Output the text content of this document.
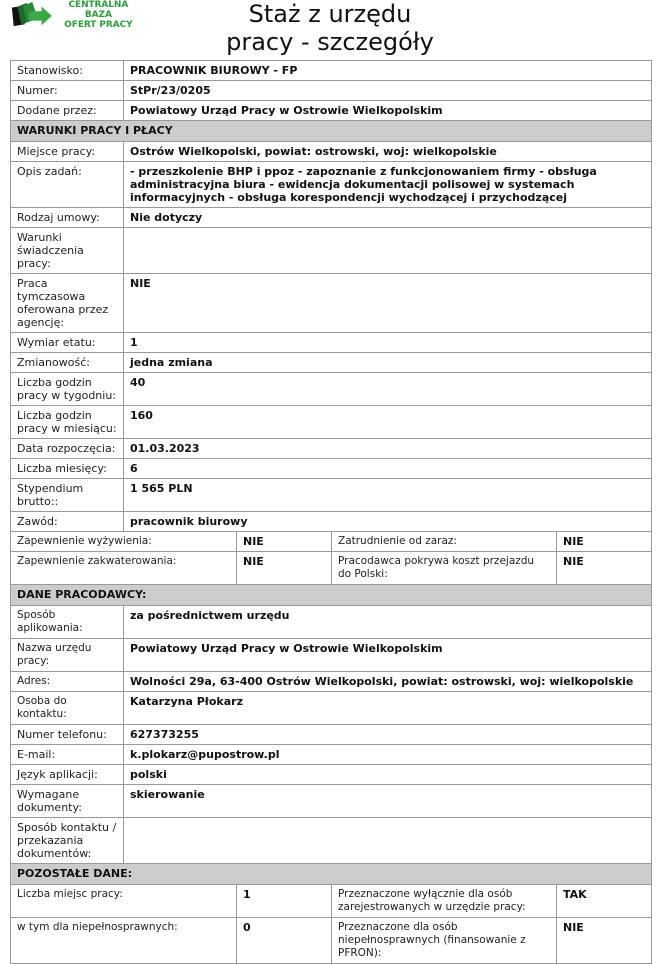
CENTRALNA BAZA
OFERT PRACY	Staż z urzędu
pracy - szczegóły
Stanowisko:	PRACOWNIK BIUROWY - FP			
Numer:	StPr/23/0205			
Dodane przez:	Powiatowy Urząd Pracy w Ostrowie Wielkopolskim			
WARUNKI PRACY I PŁACY				
Miejsce pracy:	Ostrów Wielkopolski, powiat: ostrowski, woj: wielkopolskie			
Opis zadań:	- przeszkolenie BHP i ppoz - zapoznanie z funkcjonowaniem firmy - obsługa administracyjna biura - ewidencja dokumentacji polisowej w systemach informacyjnych - obsługa korespondencji wychodzącej i przychodzącej			
Rodzaj umowy:	Nie dotyczy			
Warunki świadczenia pracy:				
Praca tymczasowa oferowana przez agencję:	NIE			
Wymiar etatu:	1			
Zmianowość:	jedna zmiana			
Liczba godzin pracy w tygodniu:	40			
Liczba godzin pracy w miesiącu:	160			
Data rozpoczęcia:	01.03.2023			
Liczba miesięcy:	6			
Stypendium brutto::	1 565 PLN			
Zawód:	pracownik biurowy			
Zapewnienie wyżywienia:		NIE	Zatrudnienie od zaraz:	NIE
Zapewnienie zakwaterowania:		NIE	Pracodawca pokrywa koszt przejazdu do Polski:	NIE
DANE PRACODAWCY:				
Sposób aplikowania:	za pośrednictwem urzędu			
Nazwa urzędu pracy:	Powiatowy Urząd Pracy w Ostrowie Wielkopolskim			
Adres:	Wolności 29a, 63-400 Ostrów Wielkopolski, powiat: ostrowski, woj: wielkopolskie			
Osoba do kontaktu:	Katarzyna Płokarz			
Numer telefonu:	627373255			
E-mail:	k.plokarz@pupostrow.pl			
Język aplikacji:	polski			
Wymagane dokumenty:	skierowanie			
Sposób kontaktu / przekazania dokumentów:				
POZOSTAŁE DANE:				
Liczba miejsc pracy:		1	Przeznaczone wyłącznie dla osób zarejestrowanych w urzędzie pracy:	TAK
w tym dla niepełnosprawnych:		0	Przeznaczone dla osób niepełnosprawnych (finansowanie z PFRON):	NIE
